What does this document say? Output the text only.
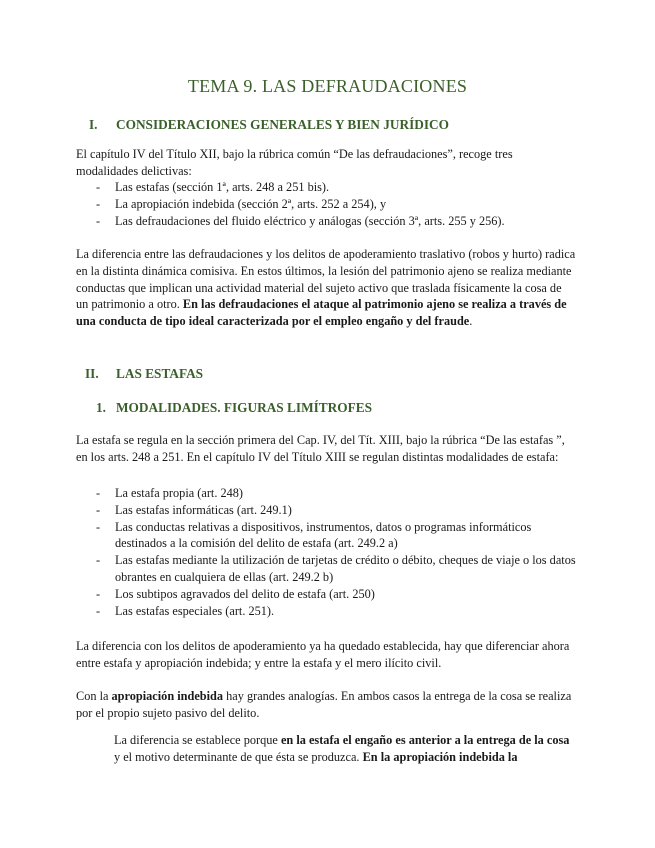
TEMA 9. LAS DEFRAUDACIONES
I. CONSIDERACIONES GENERALES Y BIEN JURÍDICO
El capítulo IV del Título XII, bajo la rúbrica común “De las defraudaciones”, recoge tres modalidades delictivas:
- Las estafas (sección 1ª, arts. 248 a 251 bis).
- La apropiación indebida (sección 2ª, arts. 252 a 254), y
- Las defraudaciones del fluido eléctrico y análogas (sección 3ª, arts. 255 y 256).
La diferencia entre las defraudaciones y los delitos de apoderamiento traslativo (robos y hurto) radica en la distinta dinámica comisiva. En estos últimos, la lesión del patrimonio ajeno se realiza mediante conductas que implican una actividad material del sujeto activo que traslada físicamente la cosa de un patrimonio a otro. En las defraudaciones el ataque al patrimonio ajeno se realiza a través de una conducta de tipo ideal caracterizada por el empleo engaño y del fraude.
II. LAS ESTAFAS
1. MODALIDADES. FIGURAS LIMÍTROFES
La estafa se regula en la sección primera del Cap. IV, del Tít. XIII, bajo la rúbrica “De las estafas ”, en los arts. 248 a 251. En el capítulo IV del Título XIII se regulan distintas modalidades de estafa:
- La estafa propia (art. 248)
- Las estafas informáticas (art. 249.1)
- Las conductas relativas a dispositivos, instrumentos, datos o programas informáticos destinados a la comisión del delito de estafa (art. 249.2 a)
- Las estafas mediante la utilización de tarjetas de crédito o débito, cheques de viaje o los datos obrantes en cualquiera de ellas (art. 249.2 b)
- Los subtipos agravados del delito de estafa (art. 250)
- Las estafas especiales (art. 251).
La diferencia con los delitos de apoderamiento ya ha quedado establecida, hay que diferenciar ahora entre estafa y apropiación indebida; y entre la estafa y el mero ilícito civil.
Con la apropiación indebida hay grandes analogías. En ambos casos la entrega de la cosa se realiza por el propio sujeto pasivo del delito.
La diferencia se establece porque en la estafa el engaño es anterior a la entrega de la cosa y el motivo determinante de que ésta se produzca. En la apropiación indebida la
